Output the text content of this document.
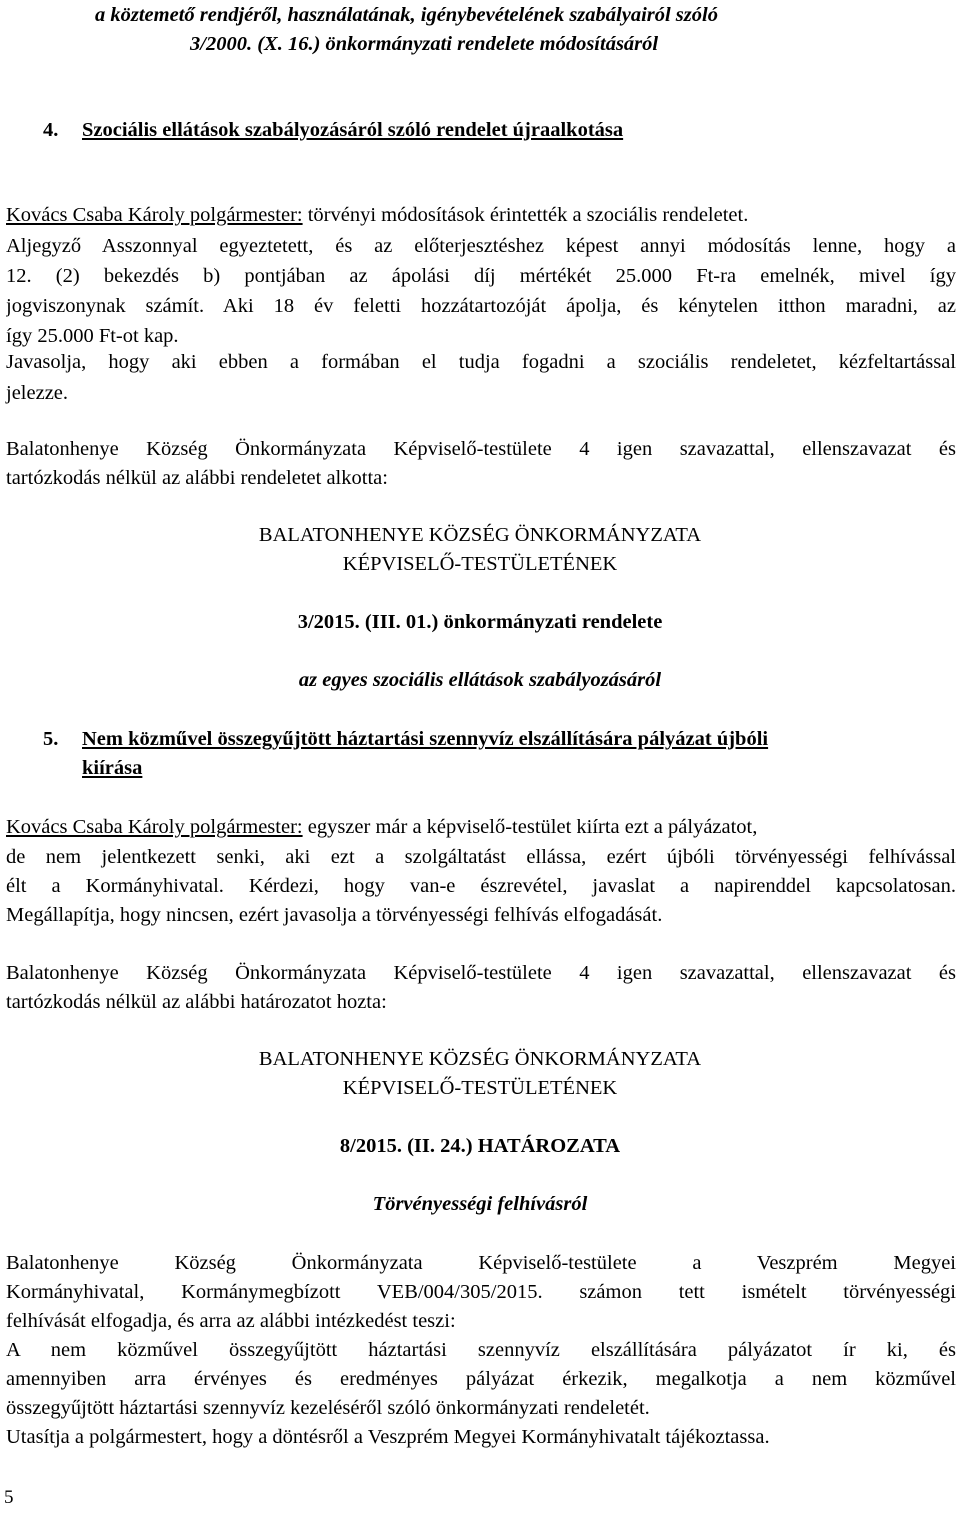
a köztemető rendjéről, használatának, igénybevételének szabályairól szóló
3/2000. (X. 16.) önkormányzati rendelete módosításáról
4. Szociális ellátások szabályozásáról szóló rendelet újraalkotása
Kovács Csaba Károly polgármester: törvényi módosítások érintették a szociális rendeletet.
Aljegyző Asszonnyal egyeztetett, és az előterjesztéshez képest annyi módosítás lenne, hogy a
12. (2) bekezdés b) pontjában az ápolási díj mértékét 25.000 Ft-ra emelnék, mivel így
jogviszonynak számít. Aki 18 év feletti hozzátartozóját ápolja, és kénytelen itthon maradni, az
így 25.000 Ft-ot kap.
Javasolja, hogy aki ebben a formában el tudja fogadni a szociális rendeletet, kézfeltartással
jelezze.
Balatonhenye Község Önkormányzata Képviselő-testülete 4 igen szavazattal, ellenszavazat és
tartózkodás nélkül az alábbi rendeletet alkotta:
BALATONHENYE KÖZSÉG ÖNKORMÁNYZATA
KÉPVISELŐ-TESTÜLETÉNEK
3/2015. (III. 01.) önkormányzati rendelete
az egyes szociális ellátások szabályozásáról
5. Nem közművel összegyűjtött háztartási szennyvíz elszállítására pályázat újbóli
kiírása
Kovács Csaba Károly polgármester: egyszer már a képviselő-testület kiírta ezt a pályázatot,
de nem jelentkezett senki, aki ezt a szolgáltatást ellássa, ezért újbóli törvényességi felhívással
élt a Kormányhivatal. Kérdezi, hogy van-e észrevétel, javaslat a napirenddel kapcsolatosan.
Megállapítja, hogy nincsen, ezért javasolja a törvényességi felhívás elfogadását.
Balatonhenye Község Önkormányzata Képviselő-testülete 4 igen szavazattal, ellenszavazat és
tartózkodás nélkül az alábbi határozatot hozta:
BALATONHENYE KÖZSÉG ÖNKORMÁNYZATA
KÉPVISELŐ-TESTÜLETÉNEK
8/2015. (II. 24.) HATÁROZATA
Törvényességi felhívásról
Balatonhenye Község Önkormányzata Képviselő-testülete a Veszprém Megyei
Kormányhivatal, Kormánymegbízott VEB/004/305/2015. számon tett ismételt törvényességi
felhívását elfogadja, és arra az alábbi intézkedést teszi:
A nem közművel összegyűjtött háztartási szennyvíz elszállítására pályázatot ír ki, és
amennyiben arra érvényes és eredményes pályázat érkezik, megalkotja a nem közművel
összegyűjtött háztartási szennyvíz kezeléséről szóló önkormányzati rendeletét.
Utasítja a polgármestert, hogy a döntésről a Veszprém Megyei Kormányhivatalt tájékoztassa.
5
